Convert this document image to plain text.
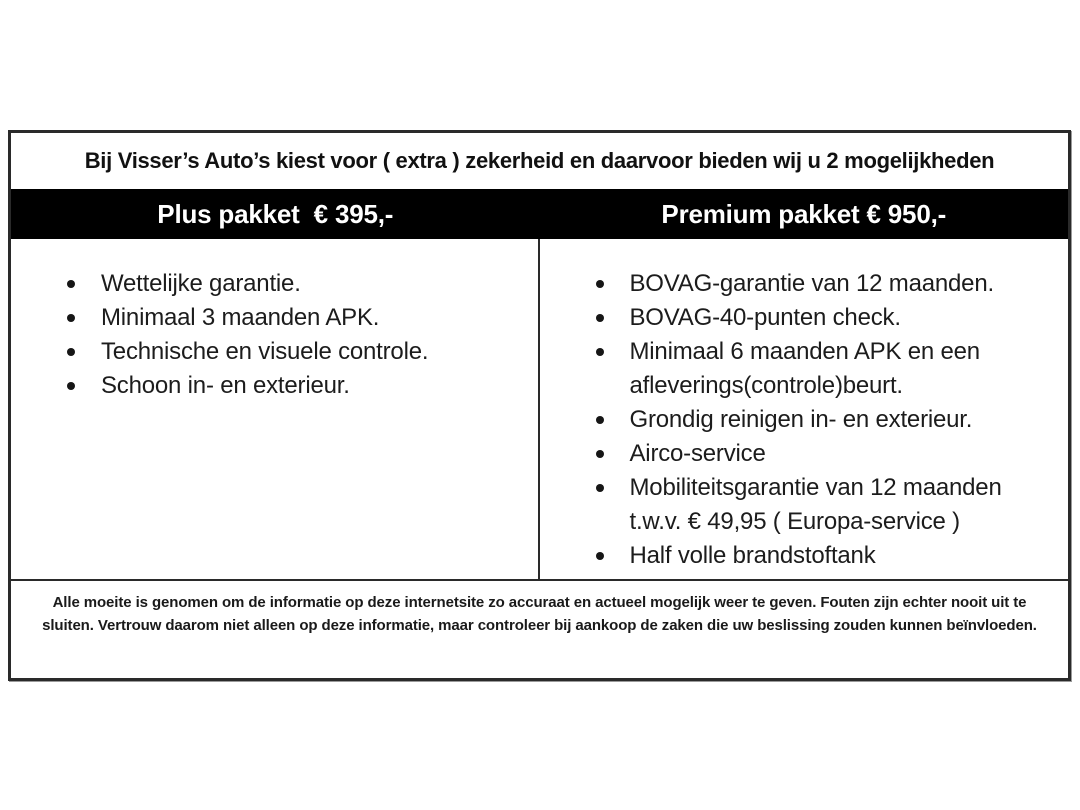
Bij Visser’s Auto’s kiest voor ( extra ) zekerheid en daarvoor bieden wij u 2 mogelijkheden
Plus pakket  € 395,-	Premium pakket € 950,-
Wettelijke garantie.
Minimaal 3 maanden APK.
Technische en visuele controle.
Schoon in- en exterieur.
BOVAG-garantie van 12 maanden.
BOVAG-40-punten check.
Minimaal 6 maanden APK en een afleverings(controle)beurt.
Grondig reinigen in- en exterieur.
Airco-service
Mobiliteitsgarantie van 12 maanden t.w.v. € 49,95 ( Europa-service )
Half volle brandstoftank
Alle moeite is genomen om de informatie op deze internetsite zo accuraat en actueel mogelijk weer te geven. Fouten zijn echter nooit uit te sluiten. Vertrouw daarom niet alleen op deze informatie, maar controleer bij aankoop de zaken die uw beslissing zouden kunnen beïnvloeden.
